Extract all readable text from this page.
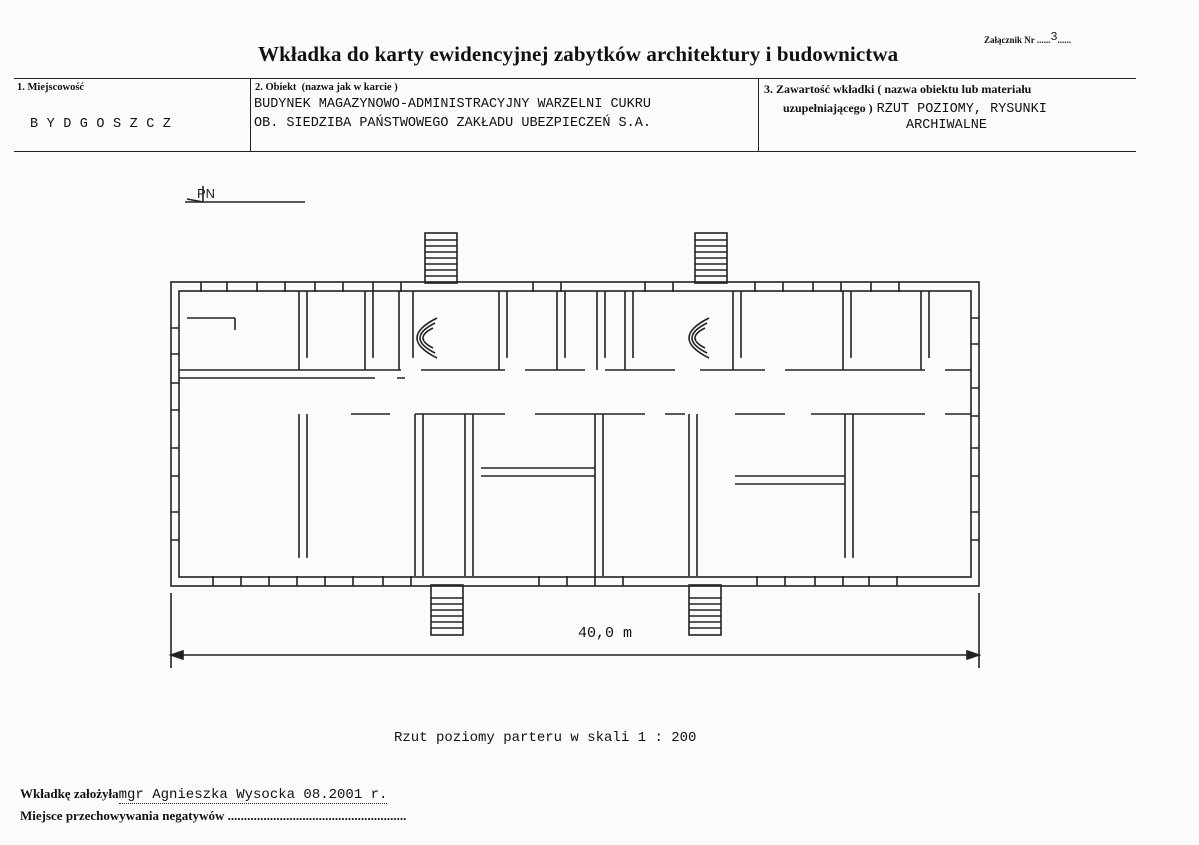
Załącznik Nr ......3......
Wkładka do karty ewidencyjnej zabytków architektury i budownictwa
1. Miejscowość
BYDGOSZCZ
2. Obiekt (nazwa jak w karcie )
BUDYNEK MAGAZYNOWO-ADMINISTRACYJNY WARZELNI CUKRU
OB. SIEDZIBA PAŃSTWOWEGO ZAKŁADU UBEZPIECZEŃ S.A.
3. Zawartość wkładki ( nazwa obiektu lub materiału
uzupełniającego ) RZUT POZIOMY, RYSUNKI
ARCHIWALNE
PN
40,0 m
Rzut poziomy parteru w skali 1 : 200
Wkładkę założyłamgr Agnieszka Wysocka 08.2001 r.
Miejsce przechowywania negatywów .......................................................
